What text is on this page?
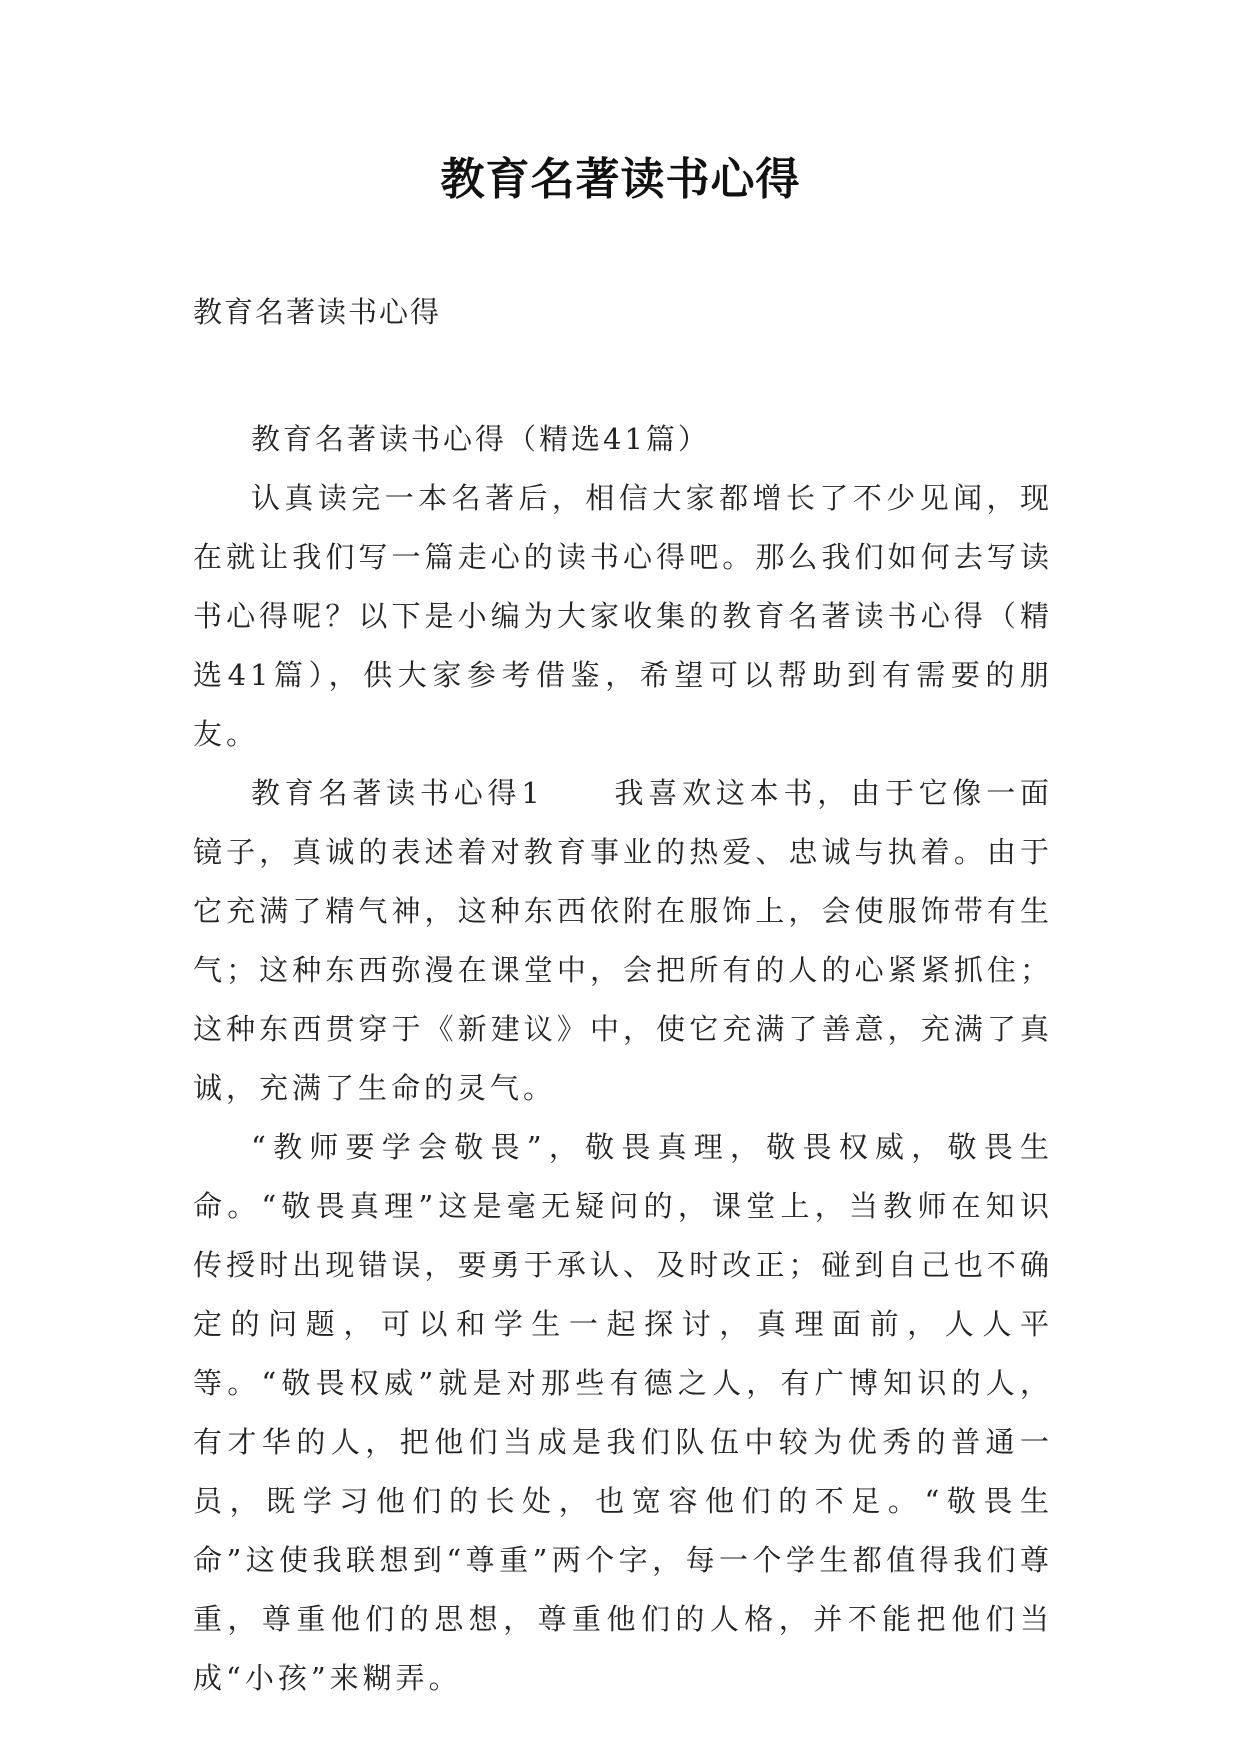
教育名著读书心得
教育名著读书心得

教育名著读书心得（精选41篇）

认真读完一本名著后，相信大家都增长了不少见闻，现在就让我们写一篇走心的读书心得吧。那么我们如何去写读书心得呢？以下是小编为大家收集的教育名著读书心得（精选41篇），供大家参考借鉴，希望可以帮助到有需要的朋友。

教育名著读书心得1 我喜欢这本书，由于它像一面镜子，真诚的表述着对教育事业的热爱、忠诚与执着。由于它充满了精气神，这种东西依附在服饰上，会使服饰带有生气；这种东西弥漫在课堂中，会把所有的人的心紧紧抓住；这种东西贯穿于《新建议》中，使它充满了善意，充满了真诚，充满了生命的灵气。

“教师要学会敬畏”，敬畏真理，敬畏权威，敬畏生命。“敬畏真理”这是毫无疑问的，课堂上，当教师在知识传授时出现错误，要勇于承认、及时改正；碰到自己也不确定的问题，可以和学生一起探讨，真理面前，人人平等。“敬畏权威”就是对那些有德之人，有广博知识的人，有才华的人，把他们当成是我们队伍中较为优秀的普通一员，既学习他们的长处，也宽容他们的不足。“敬畏生命”这使我联想到“尊重”两个字，每一个学生都值得我们尊重，尊重他们的思想，尊重他们的人格，并不能把他们当成“小孩”来糊弄。
